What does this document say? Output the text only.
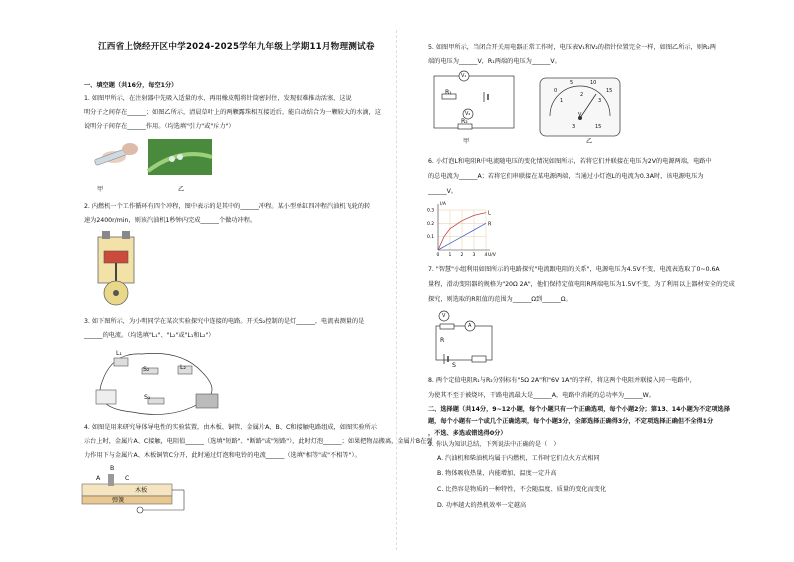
江西省上饶经开区中学2024-2025学年九年级上学期11月物理测试卷
一、填空题（共16分，每空1分）
1. 如图甲所示，在注射器中先吸入适量的水，再用橡皮帽将针筒密封住，发现很难推动活塞，这说
明分子之间存在______；如图乙所示，清晨草叶上的两颗露珠相互接近后，能自动结合为一颗较大的水滴，这
说明分子间存在______作用。（均选填"引力"或"斥力"）
甲	乙
2. 内燃机一个工作循环有四个冲程，图中表示的是其中的______冲程。某小型单缸四冲程汽油机飞轮的转
速为2400r/min，则该汽油机1秒钟内完成______个做功冲程。
3. 如下图所示，为小明同学在某次实验探究中连接的电路。开关S₂控制的是灯______，电流表测量的是
______的电流。（均选填"L₁"、"L₂"或"L₁和L₂"）
L₁
S₂	L₂
S₁
4. 如图是用来研究导体导电性的实验装置，由木板、铜管、金属片A、B、C和接触电路组成，如图实验所示
示台上时，金属片A、C接触，电阻值______（选填"短路"、"断路"或"短路"），此时灯泡______；如果把物品搬离，金属片B在弹
力作用下与金属片A、木板铜管C分开，此时通过灯泡和电铃的电流______（选填"相等"或"不相等"）。
A
B
C
木板
弹簧
5. 如图甲所示，当闭合开关用电器正常工作时，电压表V₁和V₂的指针位置完全一样，如图乙所示，则R₂两
端的电压为______V，R₁两端的电压为______V。
V₁
V₂
R₁
R₂
甲
0
5	10
15
1
2
3
V
3	15
乙
6. 小灯泡L和电阻R中电流随电压的变化情况如图所示，若将它们并联接在电压为2V的电源两端，电路中
的总电流为______A；若将它们串联接在某电源两端，当通过小灯泡L的电流为0.3A时，该电源电压为
______V。
L
R
0 1 2 3 4
0.1
0.2
0.3
U/V
I/A
7. "智慧"小组利用如图所示的电路探究"电流跟电阻的关系"，电源电压为4.5V不变，电流表选取了0~0.6A
量程，滑动变阻器的规格为"20Ω 2A"，他们保持定值电阻R两端电压为1.5V不变，为了利用以上器材安全的完成
探究，则选取的R阻值的范围为______Ω到______Ω。
V
A
R
S
8. 两个定值电阻R₁与R₂分别标有"5Ω 2A"和"6V 1A"的字样，将这两个电阻并联接入同一电路中，
为使其不至于被烧坏，干路电流最大是______A，电路中消耗的总功率为______W。
二、选择题（共14分，9~12小题，每个小题只有一个正确选项，每个小题2分；第13、14小题为不定项选择
题，每个小题有一个或几个正确选项，每个小题3分，全部选择正确得3分，不定项选择正确但不全得1分
，不选、多选或错选得0分）
9. 你认为知识总结，下列说法中正确的是（　）
A. 汽油机和柴油机均属于内燃机，工作时它们点火方式相同
B. 物体吸收热量，内能增加，温度一定升高
C. 比热容是物质的一种特性，不会随温度、质量的变化而变化
D. 功率越大的热机效率一定越高
